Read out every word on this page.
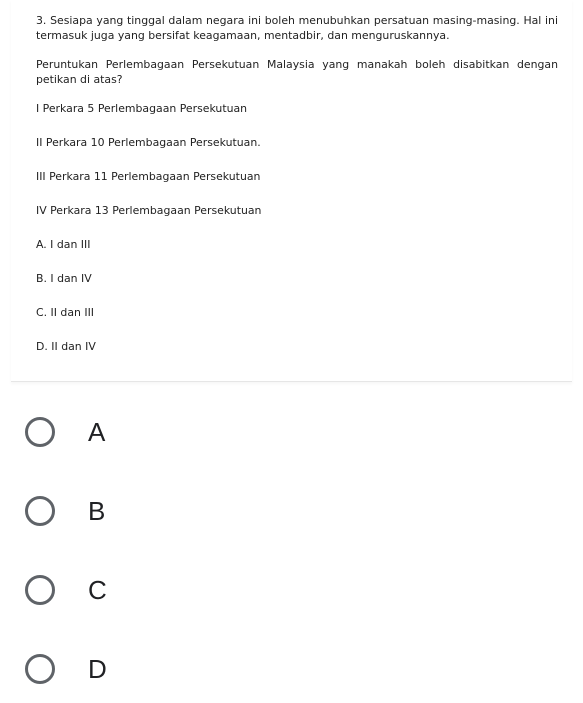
3. Sesiapa yang tinggal dalam negara ini boleh menubuhkan persatuan masing-masing. Hal ini termasuk juga yang bersifat keagamaan, mentadbir, dan menguruskannya.

Peruntukan Perlembagaan Persekutuan Malaysia yang manakah boleh disabitkan dengan petikan di atas?

I Perkara 5 Perlembagaan Persekutuan

II Perkara 10 Perlembagaan Persekutuan.

III Perkara 11 Perlembagaan Persekutuan

IV Perkara 13 Perlembagaan Persekutuan

A. I dan III

B. I dan IV

C. II dan III

D. II dan IV

A
B
C
D
